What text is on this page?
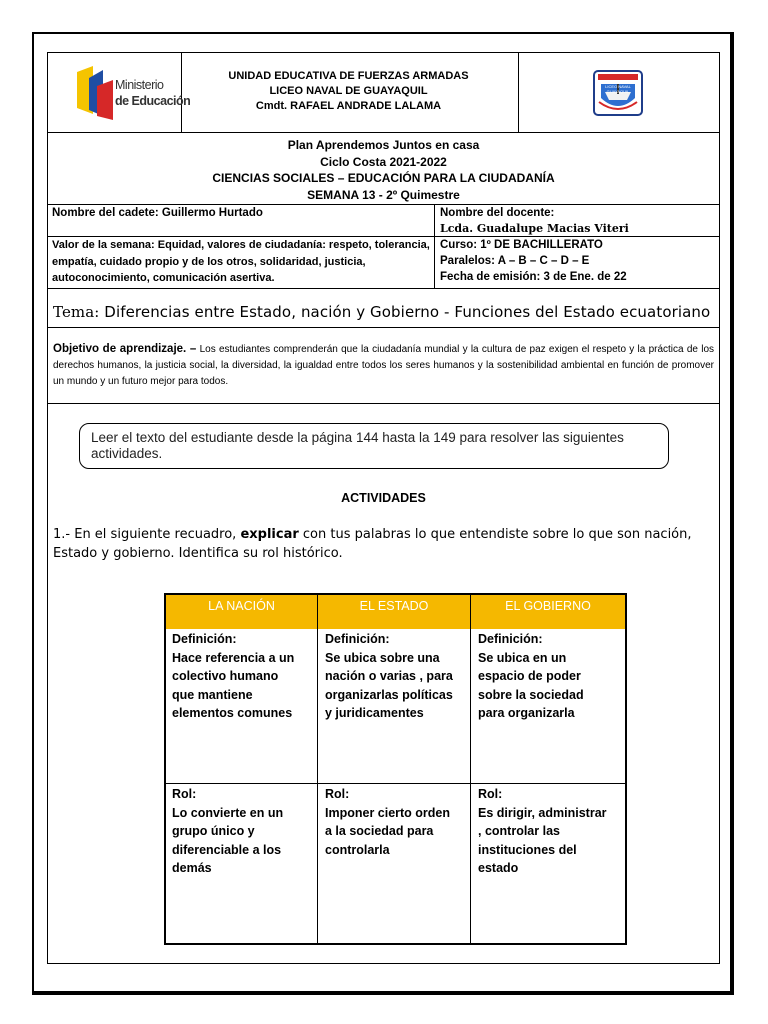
UNIDAD EDUCATIVA DE FUERZAS ARMADAS
LICEO NAVAL DE GUAYAQUIL
Cmdt. RAFAEL ANDRADE LALAMA
Plan Aprendemos Juntos en casa
Ciclo Costa 2021-2022
CIENCIAS SOCIALES – EDUCACIÓN PARA LA CIUDADANÍA
SEMANA 13 - 2º Quimestre
Nombre del cadete: Guillermo Hurtado	Nombre del docente:
Lcda. Guadalupe Macias Viteri
Valor de la semana: Equidad, valores de ciudadanía: respeto, tolerancia, empatía, cuidado propio y de los otros, solidaridad, justicia, autoconocimiento, comunicación asertiva.
Curso: 1º DE BACHILLERATO
Paralelos: A – B – C – D – E
Fecha de emisión: 3 de Ene. de 22
Tema: Diferencias entre Estado, nación y Gobierno - Funciones del Estado ecuatoriano
Objetivo de aprendizaje. – Los estudiantes comprenderán que la ciudadanía mundial y la cultura de paz exigen el respeto y la práctica de los derechos humanos, la justicia social, la diversidad, la igualdad entre todos los seres humanos y la sostenibilidad ambiental en función de promover un mundo y un futuro mejor para todos.
Leer el texto del estudiante desde la página 144 hasta la 149 para resolver las siguientes actividades.
ACTIVIDADES
1.- En el siguiente recuadro, explicar con tus palabras lo que entendiste sobre lo que son nación, Estado y gobierno. Identifica su rol histórico.
Ministerio
de Educación
LICEO NAVAL GUAYAQUIL
LA NACIÓN	EL ESTADO	EL GOBIERNO
Definición:
Hace referencia a un
colectivo humano
que mantiene
elementos comunes
Definición:
Se ubica sobre una
nación o varias , para
organizarlas políticas
y juridicamentes
Definición:
Se ubica en un
espacio de poder
sobre la sociedad
para organizarla
Rol:
Lo convierte en un
grupo único y
diferenciable a los
demás
Rol:
Imponer cierto orden
a la sociedad para
controlarla
Rol:
Es dirigir, administrar
, controlar las
instituciones del
estado
